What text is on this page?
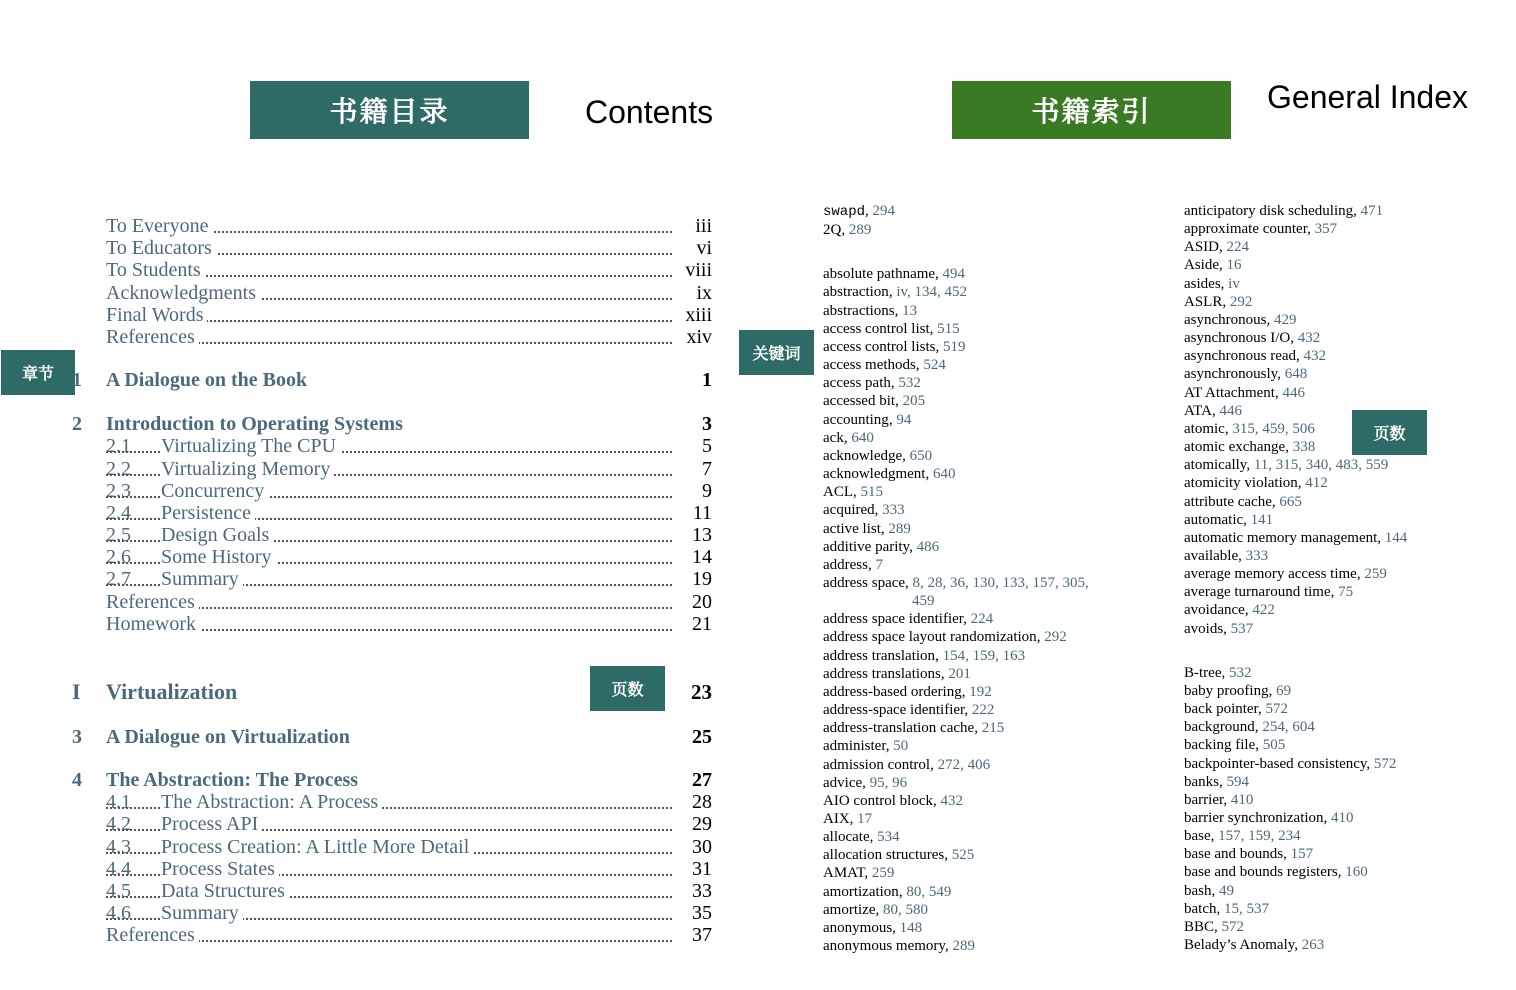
书籍目录	Contents	书籍索引	General Index
章节
页数
关键词
页数
To Everyone	iii
To Educators	vi
To Students	viii
Acknowledgments	ix
Final Words	xiii
References	xiv
1 A Dialogue on the Book	1
2 Introduction to Operating Systems	3
2.1 Virtualizing The CPU	5
2.2 Virtualizing Memory	7
2.3 Concurrency	9
2.4 Persistence	11
2.5 Design Goals	13
2.6 Some History	14
2.7 Summary	19
References	20
Homework	21
I Virtualization	23
3 A Dialogue on Virtualization	25
4 The Abstraction: The Process	27
4.1 The Abstraction: A Process	28
4.2 Process API	29
4.3 Process Creation: A Little More Detail	30
4.4 Process States	31
4.5 Data Structures	33
4.6 Summary	35
References	37
swapd, 294
2Q, 289
absolute pathname, 494
abstraction, iv, 134, 452
abstractions, 13
access control list, 515
access control lists, 519
access methods, 524
access path, 532
accessed bit, 205
accounting, 94
ack, 640
acknowledge, 650
acknowledgment, 640
ACL, 515
acquired, 333
active list, 289
additive parity, 486
address, 7
address space, 8, 28, 36, 130, 133, 157, 305,
459
address space identifier, 224
address space layout randomization, 292
address translation, 154, 159, 163
address translations, 201
address-based ordering, 192
address-space identifier, 222
address-translation cache, 215
administer, 50
admission control, 272, 406
advice, 95, 96
AIO control block, 432
AIX, 17
allocate, 534
allocation structures, 525
AMAT, 259
amortization, 80, 549
amortize, 80, 580
anonymous, 148
anonymous memory, 289
anticipatory disk scheduling, 471
approximate counter, 357
ASID, 224
Aside, 16
asides, iv
ASLR, 292
asynchronous, 429
asynchronous I/O, 432
asynchronous read, 432
asynchronously, 648
AT Attachment, 446
ATA, 446
atomic, 315, 459, 506
atomic exchange, 338
atomically, 11, 315, 340, 483, 559
atomicity violation, 412
attribute cache, 665
automatic, 141
automatic memory management, 144
available, 333
average memory access time, 259
average turnaround time, 75
avoidance, 422
avoids, 537
B-tree, 532
baby proofing, 69
back pointer, 572
background, 254, 604
backing file, 505
backpointer-based consistency, 572
banks, 594
barrier, 410
barrier synchronization, 410
base, 157, 159, 234
base and bounds, 157
base and bounds registers, 160
bash, 49
batch, 15, 537
BBC, 572
Belady’s Anomaly, 263
